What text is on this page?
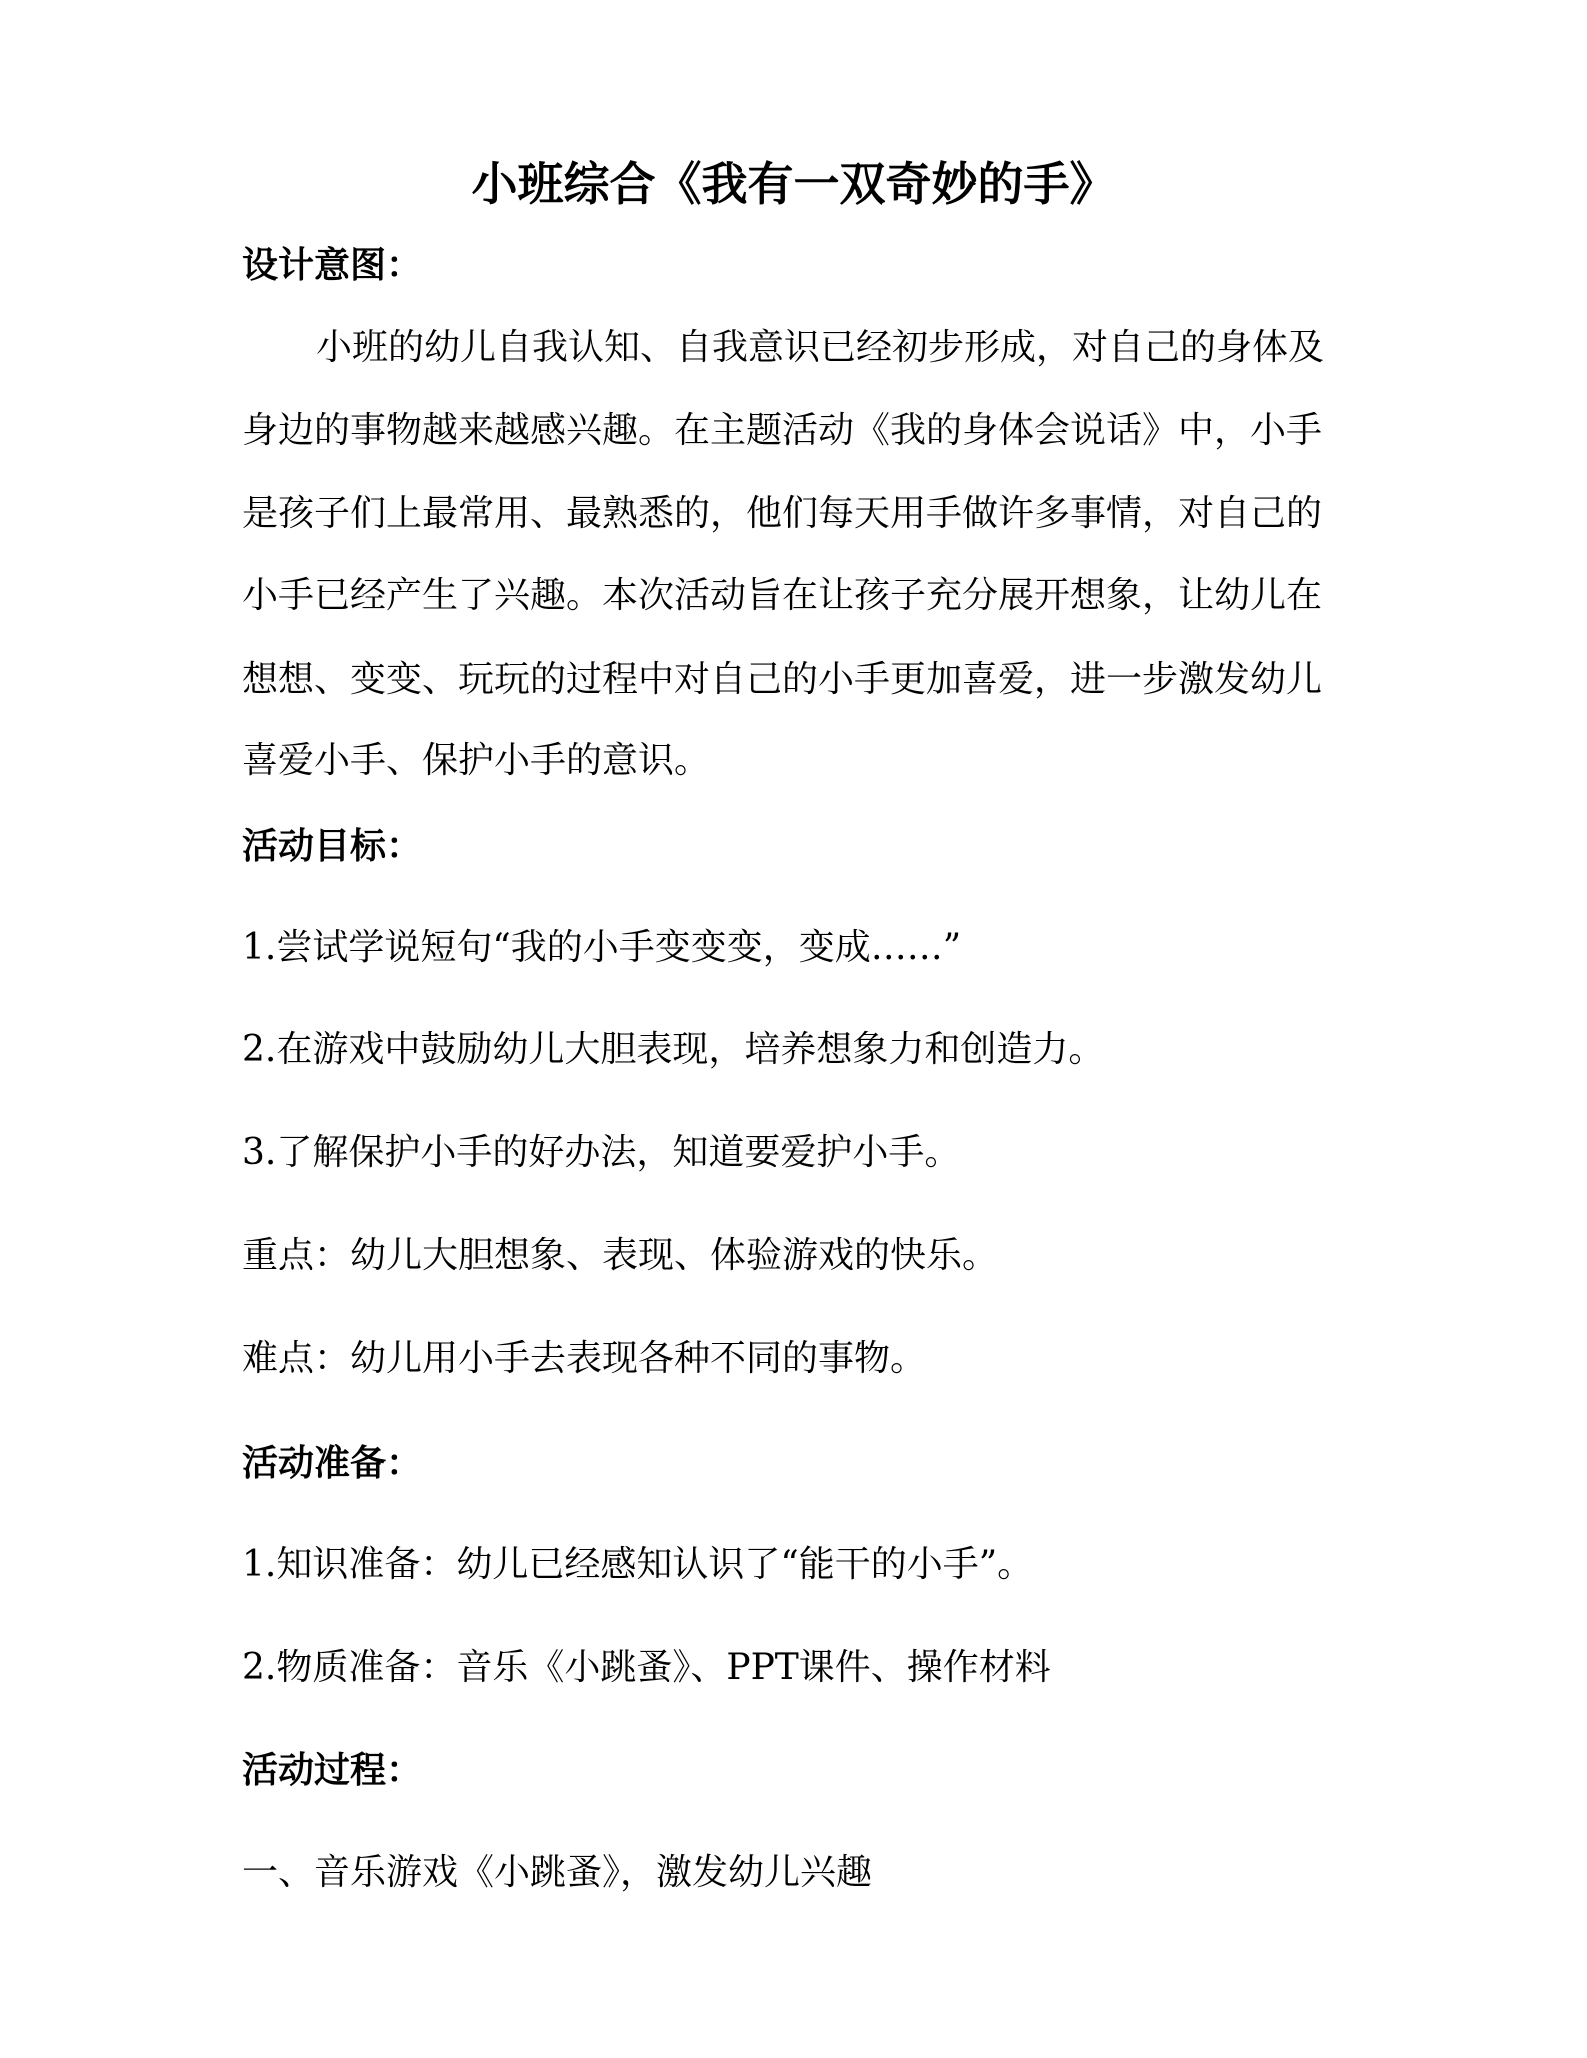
小班综合《我有一双奇妙的手》
设计意图：
小班的幼儿自我认知、自我意识已经初步形成，对自己的身体及
身边的事物越来越感兴趣。在主题活动《我的身体会说话》中，小手
是孩子们上最常用、最熟悉的，他们每天用手做许多事情，对自己的
小手已经产生了兴趣。本次活动旨在让孩子充分展开想象，让幼儿在
想想、变变、玩玩的过程中对自己的小手更加喜爱，进一步激发幼儿
喜爱小手、保护小手的意识。
活动目标：
1.尝试学说短句“我的小手变变变，变成……”
2.在游戏中鼓励幼儿大胆表现，培养想象力和创造力。
3.了解保护小手的好办法，知道要爱护小手。
重点：幼儿大胆想象、表现、体验游戏的快乐。
难点：幼儿用小手去表现各种不同的事物。
活动准备：
1.知识准备：幼儿已经感知认识了“能干的小手”。
2.物质准备：音乐《小跳蚤》、PPT课件、操作材料
活动过程：
一、音乐游戏《小跳蚤》，激发幼儿兴趣
